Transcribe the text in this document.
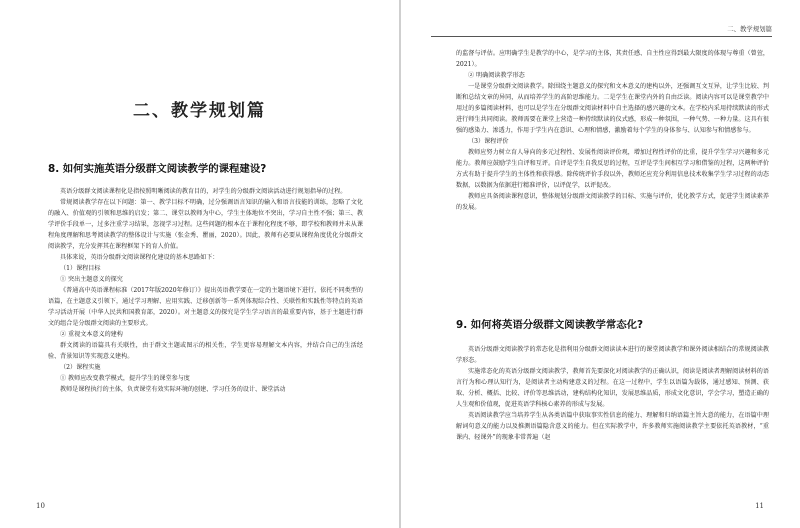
二、教学规划篇
8. 如何实施英语分级群文阅读教学的课程建设?

英语分级群文阅读课程化是指按照明晰阅读的教育目的，对学生的分级群文阅读活动进行规划指导的过程。

常规阅读教学存在以下问题：第一、教学目标不明确，过分强调语言知识的输入和语言技能的训练，忽略了文化的融入、价值观的引领和思维的启发；第二、课堂以教师为中心，学生主体地位不突出，学习自主性不强；第三、教学评价手段单一，过多注重学习结果，忽视学习过程。这些问题的根本在于课程化程度不够，即学校和教师并未从课程角度理解和思考阅读教学的整体设计与实施（张金秀、瞿丽，2020）。因此，教师有必要从课程角度优化分级群文阅读教学，充分发挥其在课程框架下的育人价值。

具体来说，英语分级群文阅读课程化建设的基本思路如下：

（1）课程目标

① 突出主题意义的探究

《普通高中英语课程标准（2017年版2020年修订）》提出英语教学要在一定的主题语境下进行，依托不同类型的语篇，在主题意义引领下，通过学习理解、应用实践、迁移创新等一系列体现综合性、关联性和实践性等特点的英语学习活动开展（中华人民共和国教育部，2020）。对主题意义的探究是学生学习语言的最重要内容，基于主题进行群文的组合是分级群文阅读的主要形式。

② 重视文本意义的建构

群文阅读的语篇具有关联性，由于群文主题或图示的相关性，学生更容易理解文本内容，并结合自己的生活经验、背景知识等实现意义建构。

（2）课程实施

① 教师应改变教学模式，提升学生的课堂参与度

教师是课程执行的主体，负责课堂有效实际环境的创建、学习任务的设计、课堂活动

10

二、教学规划篇

的监督与评估。应明确学生是教学的中心，是学习的主体，其责任感、自主性应得到最大限度的体现与尊重（曾萱，2021）。

② 明确阅读教学形态

一是课堂分级群文阅读教学。除围绕主题意义的探究和文本意义的建构以外，还强调互文互异，让学生比较、判断和总结文章的异同，从而培养学生的高阶思维能力。二是学生在课堂内外的自由泛读。阅读内容可以是课堂教学中用过的多篇阅读材料，也可以是学生在分级群文阅读材料中自主选择的感兴趣的文本。在学校内采用持续默读的形式进行师生共同阅读。教师需要在课堂上营造一种持续默读的仪式感，形成一种氛围，一种气势、一种力量。这具有很强的感染力、渗透力，作用于学生内在意识、心理和情感，激励着每个学生的身体参与、认知参与和情感参与。

（3）课程评价

教师应努力树立育人导向的多元过程性、发展性阅读评价观，增加过程性评价的比重，提升学生学习兴趣和多元能力。教师应鼓励学生自评和互评。自评是学生自我反思的过程，互评是学生间相互学习和借鉴的过程，这两种评价方式有助于提升学生的主体性和获得感。除传统评价手段以外，教师还应充分利用信息技术收集学生学习过程的动态数据，以数据为依据进行精准评价，以评促学，以评促改。

教师应具备阅读课程意识，整体规划分级群文阅读教学的目标、实施与评价，优化教学方式，促进学生阅读素养的发展。

9. 如何将英语分级群文阅读教学常态化?

英语分级群文阅读教学的常态化是指利用分级群文阅读读本进行的课堂阅读教学和课外阅读相结合的常规阅读教学形态。

实施常态化的英语分级群文阅读教学，教师首先要深化对阅读教学的正确认识，阅读是阅读者理解阅读材料的语言行为和心理认知行为，是阅读者主动构建意义的过程。在这一过程中，学生以语篇为载体，通过感知、预测、获取、分析、概括、比较、评价等思维活动，建构结构化知识，发展思维品质，形成文化意识，学会学习，塑造正确的人生观和价值观，促进英语学科核心素养的形成与发展。

英语阅读教学应当培养学生从各类语篇中获取事实性信息的能力、理解和归纳语篇主旨大意的能力，在语篇中理解词句意义的能力以及推测语篇隐含意义的能力。但在实际教学中，许多教师实施阅读教学主要依托英语教材，“重课内、轻课外”的现象非常普遍（赵

11
